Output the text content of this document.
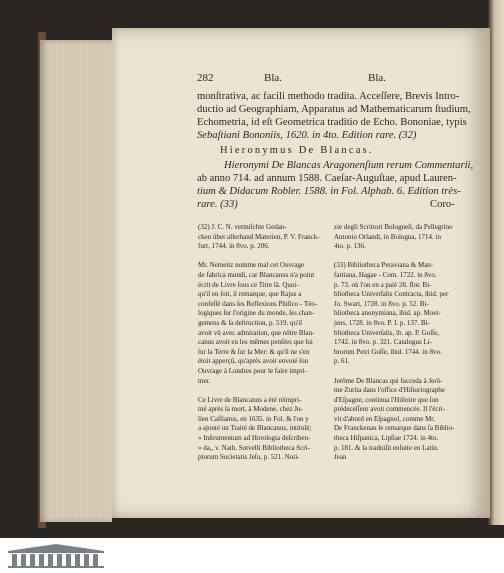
282	Bla.	Bla.
monſtrativa, ac facili methodo tradita. Acceſſere, Brevis Intro-
ductio ad Geographiam, Apparatus ad Mathematicarum ſtudium,
Echometria, id eſt Geometrica traditio de Echo. Bononiae, typis
Sebaſtiani Bononiis, 1620. in 4to. Edition rare. (32)
Hieronymus De Blancas.
Hieronymi De Blancas Aragonenſium rerum Commentarii,
ab anno 714. ad annum 1588. Caeſar-Auguſtae, apud Lauren-
tium & Didacum Robler. 1588. in Fol. Alphab. 6. Edition très-
rare. (33)	Coro-
(32) J. C. N. vermiſchte Gedan-
cken über allerhand Materien, P. V. Franck-
furt, 1744. in 8vo. p. 206.
Mr. Nemeitz nomme mal cet Ouvrage
de fabrica mundi, car Blancanus n'a point
écrit de Livre ſous ce Titre là. Quoi-
qu'il en ſoit, il remarque, que Rajus a
confeſſé dans ſes Reflexions Phiſico - Téo-
logiques ſur l'origine du monde, ſes chan-
gemens & ſa deſtruction, p. 519. qu'il
avoit vû avec admiration, que nôtre Blan-
canus avoit eu les mêmes penſées que lui
ſur la Terre & ſur la Mer: & qu'il ne s'en
étoit apperçû, qu'après avoir envoié ſon
Ouvrage à Londres pour le faire impri-
mer.
Ce Livre de Blancanus a été réimpri-
mé après ſa mort, à Modene, chez Ju-
lien Caſſianus, en 1635. in Fol. & l'on y
a ajouté un Traité de Blancanus, intitulé;
» Inſtrumentum ad Horologia deſcriben-
» da,, v. Nath. Sotvelli Bibliotheca Scri-
ptorum Societatis Jeſu, p. 521. Noti-
zie degli Scrittori Bologneſi, da Pellegrino
Antonio Orlandi, in Bologna, 1714. in
4to. p. 136.
(33) Bibliotheca Peraviana & Man-
fartiana, Hagae - Com. 1722. in 8vo.
p. 73. où l'on en a paié 28. flor. Bi-
bliotheca Univerſalis Contracta, ibid. per
Jo. Swart, 1728. in 8vo. p. 52. Bi-
bliotheca anonymiana, ibid. ap. Moet-
jens, 1728. in 8vo. P. I. p. 137. Bi-
bliotheca Univerſalis, ib. ap. P. Goſſe,
1742. in 8vo. p. 321. Catalogus Li-
brorum Petri Goſſe, ibid. 1744. in 8vo.
p. 61.
Jerôme De Blancas qui ſucceda à Jerô-
me Zurita dans l'office d'Hiſtoriographe
d'Eſpagne, continua l'Hiſtoire que ſon
prédeceſſeur avoit commencée. Il l'écri-
vit d'abord en Eſpagnol, comme Mr.
De Franckenau le remarque dans ſa Biblio-
theca Hiſpanica, Lipſiae 1724. in 4to.
p. 181. & la traduiſit enſuite en Latin.
Jean
